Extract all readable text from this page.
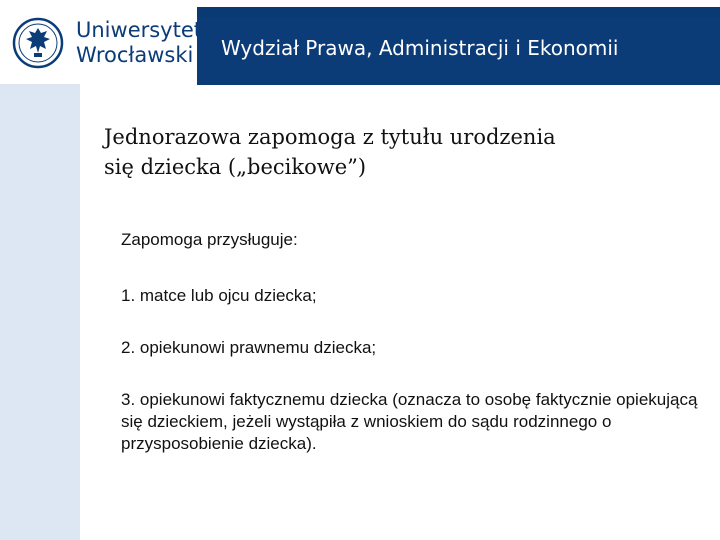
Wydział Prawa, Administracji i Ekonomii
Uniwersytet
Wrocławski
Jednorazowa zapomoga z tytułu urodzenia
się dziecka („becikowe”)

Zapomoga przysługuje:

1. matce lub ojcu dziecka;

2. opiekunowi prawnemu dziecka;

3. opiekunowi faktycznemu dziecka (oznacza to osobę faktycznie opiekującą się dzieckiem, jeżeli wystąpiła z wnioskiem do sądu rodzinnego o przysposobienie dziecka).
